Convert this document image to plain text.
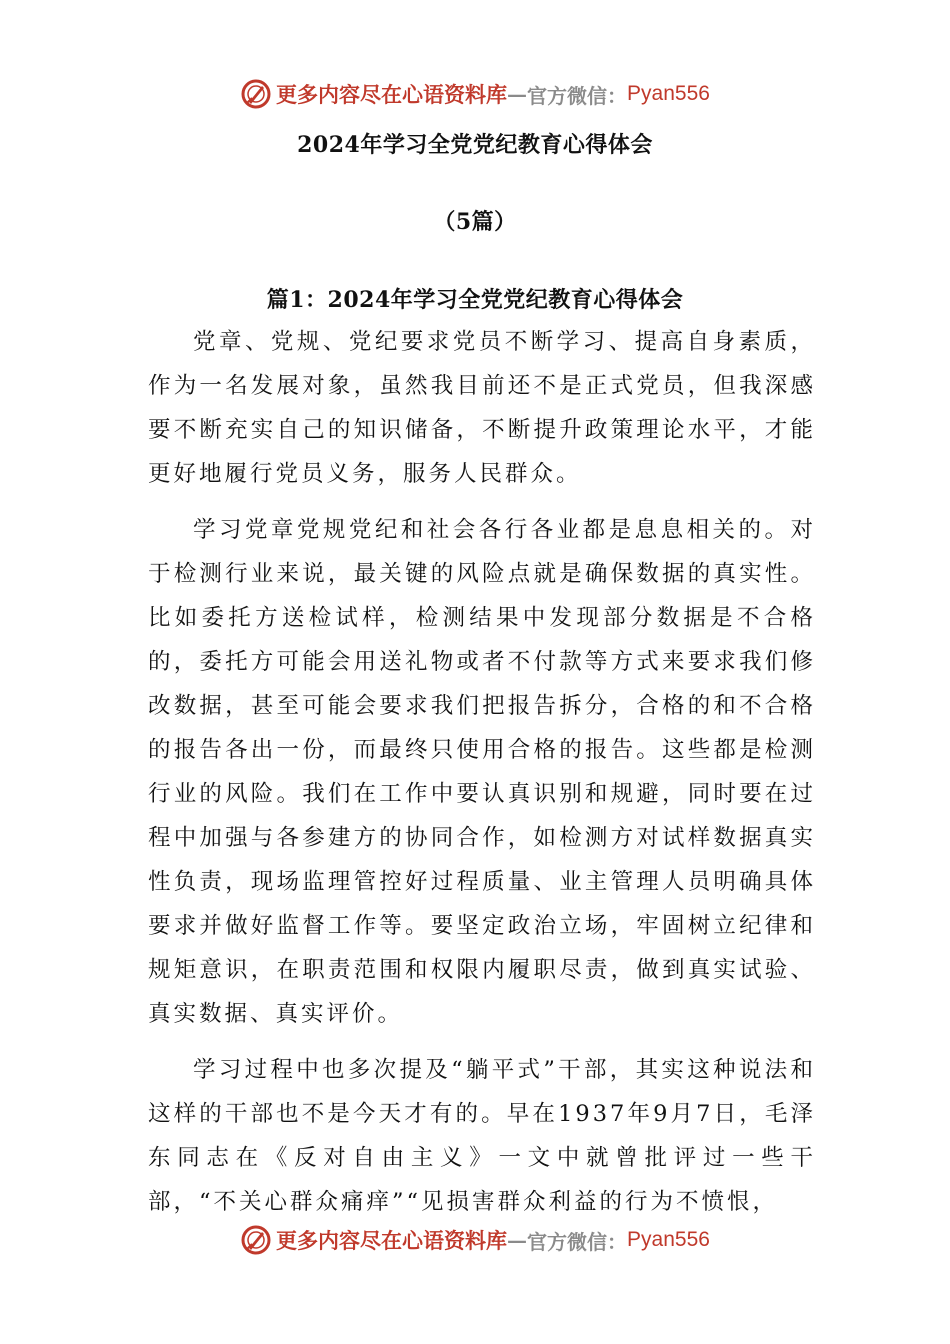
更多内容尽在心语资料库 — 官方微信： Pyan556
2024年学习全党党纪教育心得体会
（5篇）
篇1：2024年学习全党党纪教育心得体会

党章、党规、党纪要求党员不断学习、提高自身素质，作为一名发展对象，虽然我目前还不是正式党员，但我深感要不断充实自己的知识储备，不断提升政策理论水平，才能更好地履行党员义务，服务人民群众。

学习党章党规党纪和社会各行各业都是息息相关的。对于检测行业来说，最关键的风险点就是确保数据的真实性。比如委托方送检试样，检测结果中发现部分数据是不合格的，委托方可能会用送礼物或者不付款等方式来要求我们修改数据，甚至可能会要求我们把报告拆分，合格的和不合格的报告各出一份，而最终只使用合格的报告。这些都是检测行业的风险。我们在工作中要认真识别和规避，同时要在过程中加强与各参建方的协同合作，如检测方对试样数据真实性负责，现场监理管控好过程质量、业主管理人员明确具体要求并做好监督工作等。要坚定政治立场，牢固树立纪律和规矩意识，在职责范围和权限内履职尽责，做到真实试验、真实数据、真实评价。

学习过程中也多次提及“躺平式”干部，其实这种说法和这样的干部也不是今天才有的。早在1937年9月7日，毛泽东同志在《反对自由主义》一文中就曾批评过一些干部，“不关心群众痛痒”“见损害群众利益的行为不愤恨，

更多内容尽在心语资料库 — 官方微信： Pyan556
